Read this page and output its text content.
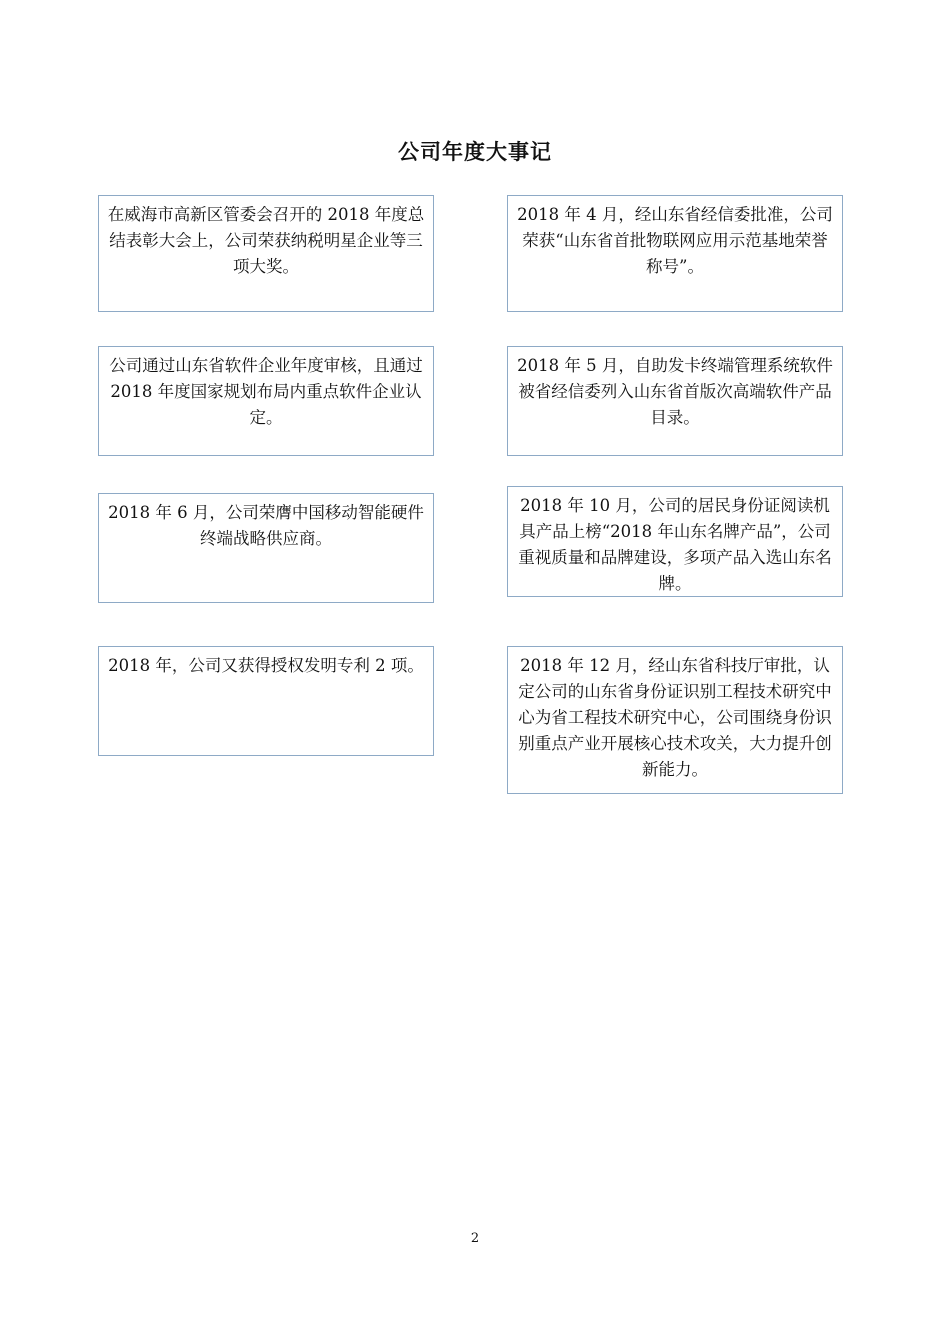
公司年度大事记

在威海市高新区管委会召开的 2018 年度总结表彰大会上，公司荣获纳税明星企业等三项大奖。

公司通过山东省软件企业年度审核，且通过 2018 年度国家规划布局内重点软件企业认定。

2018 年 6 月，公司荣膺中国移动智能硬件终端战略供应商。

2018 年，公司又获得授权发明专利 2 项。

2018 年 4 月，经山东省经信委批准，公司荣获“山东省首批物联网应用示范基地荣誉称号”。

2018 年 5 月，自助发卡终端管理系统软件被省经信委列入山东省首版次高端软件产品目录。

2018 年 10 月，公司的居民身份证阅读机具产品上榜“2018 年山东名牌产品”，公司重视质量和品牌建设，多项产品入选山东名牌。

2018 年 12 月，经山东省科技厅审批，认定公司的山东省身份证识别工程技术研究中心为省工程技术研究中心，公司围绕身份识别重点产业开展核心技术攻关，大力提升创新能力。

2
